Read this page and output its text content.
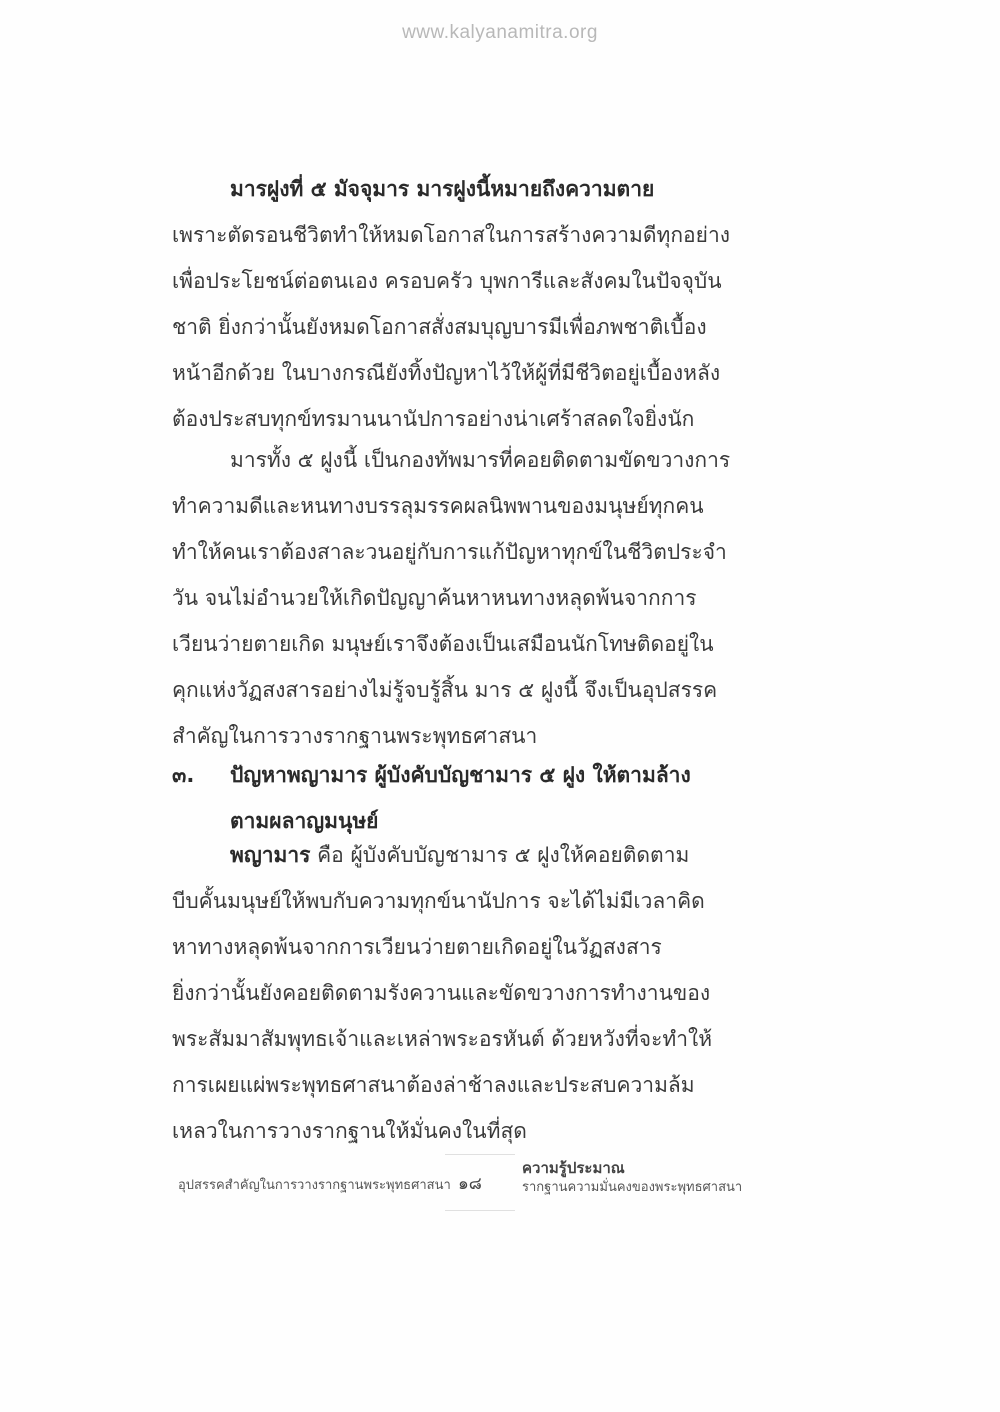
www.kalyanamitra.org
มารฝูงที่ ๕ มัจจุมาร มารฝูงนี้หมายถึงความตาย
เพราะตัดรอนชีวิตทำให้หมดโอกาสในการสร้างความดีทุกอย่าง
เพื่อประโยชน์ต่อตนเอง ครอบครัว บุพการีและสังคมในปัจจุบัน
ชาติ ยิ่งกว่านั้นยังหมดโอกาสสั่งสมบุญบารมีเพื่อภพชาติเบื้อง
หน้าอีกด้วย ในบางกรณียังทิ้งปัญหาไว้ให้ผู้ที่มีชีวิตอยู่เบื้องหลัง
ต้องประสบทุกข์ทรมานนานัปการอย่างน่าเศร้าสลดใจยิ่งนัก
มารทั้ง ๕ ฝูงนี้ เป็นกองทัพมารที่คอยติดตามขัดขวางการ
ทำความดีและหนทางบรรลุมรรคผลนิพพานของมนุษย์ทุกคน
ทำให้คนเราต้องสาละวนอยู่กับการแก้ปัญหาทุกข์ในชีวิตประจำ
วัน จนไม่อำนวยให้เกิดปัญญาค้นหาหนทางหลุดพ้นจากการ
เวียนว่ายตายเกิด มนุษย์เราจึงต้องเป็นเสมือนนักโทษติดอยู่ใน
คุกแห่งวัฏสงสารอย่างไม่รู้จบรู้สิ้น มาร ๕ ฝูงนี้ จึงเป็นอุปสรรค
สำคัญในการวางรากฐานพระพุทธศาสนา
๓. ปัญหาพญามาร ผู้บังคับบัญชามาร ๕ ฝูง ให้ตามล้าง
ตามผลาญมนุษย์
พญามาร คือ ผู้บังคับบัญชามาร ๕ ฝูงให้คอยติดตาม
บีบคั้นมนุษย์ให้พบกับความทุกข์นานัปการ จะได้ไม่มีเวลาคิด
หาทางหลุดพ้นจากการเวียนว่ายตายเกิดอยู่ในวัฏสงสาร
ยิ่งกว่านั้นยังคอยติดตามรังควานและขัดขวางการทำงานของ
พระสัมมาสัมพุทธเจ้าและเหล่าพระอรหันต์ ด้วยหวังที่จะทำให้
การเผยแผ่พระพุทธศาสนาต้องล่าช้าลงและประสบความล้ม
เหลวในการวางรากฐานให้มั่นคงในที่สุด
อุปสรรคสำคัญในการวางรากฐานพระพุทธศาสนา ๑๘
ความรู้ประมาณ
รากฐานความมั่นคงของพระพุทธศาสนา
